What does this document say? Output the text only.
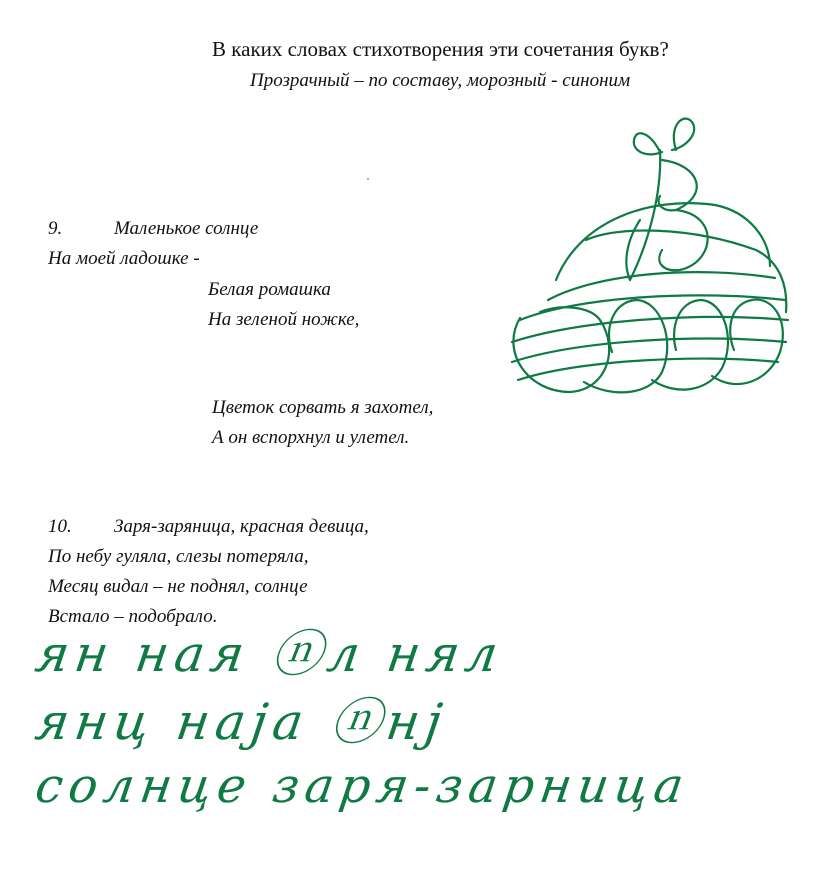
В каких словах стихотворения эти сочетания букв?
Прозрачный – по составу, морозный - синоним
9.	Маленькое солнце
На моей ладошке -
Белая ромашка
На зеленой ножке,
Цветок сорвать я захотел,
А он вспорхнул и улетел.
10. Заря-заряница, красная девица,
По небу гуляла, слезы потеряла,
Месяц видал – не поднял, солнце
Встало – подобрало.
ян ная ⓝл нял
янц наја ⓝнј
солнце заря-зарница
